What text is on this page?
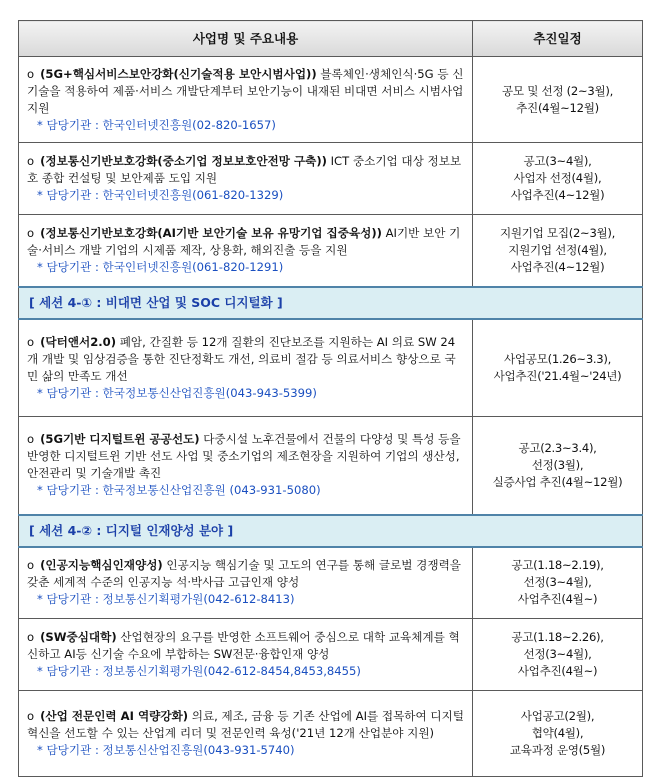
사업명 및 주요내용	추진일정
o (5G+핵심서비스보안강화(신기술적용 보안시범사업)) 블록체인·생체인식·5G 등 신기술을 적용하여 제품·서비스 개발단계부터 보안기능이 내재된 비대면 서비스 시범사업 지원
* 담당기관 : 한국인터넷진흥원(02-820-1657)	공모 및 선정 (2~3월),
추진(4월~12월)

o (정보통신기반보호강화(중소기업 정보보호안전망 구축)) ICT 중소기업 대상 정보보호 종합 컨설팅 및 보안제품 도입 지원
* 담당기관 : 한국인터넷진흥원(061-820-1329)	공고(3~4월),
사업자 선정(4월),
사업추진(4~12월)

o (정보통신기반보호강화(AI기반 보안기술 보유 유망기업 집중육성)) AI기반 보안 기술·서비스 개발 기업의 시제품 제작, 상용화, 해외진출 등을 지원
* 담당기관 : 한국인터넷진흥원(061-820-1291)	지원기업 모집(2~3월),
지원기업 선정(4월),
사업추진(4~12월)

[ 세션 4-① : 비대면 산업 및 SOC 디지털화 ]	
o (닥터앤서2.0) 폐암, 간질환 등 12개 질환의 진단보조를 지원하는 AI 의료 SW 24개 개발 및 임상검증을 통한 진단정확도 개선, 의료비 절감 등 의료서비스 향상으로 국민 삶의 만족도 개선
* 담당기관 : 한국정보통신산업진흥원(043-943-5399)	사업공모(1.26~3.3),
사업추진('21.4월~'24년)

o (5G기반 디지털트윈 공공선도) 다중시설 노후건물에서 건물의 다양성 및 특성 등을 반영한 디지털트윈 기반 선도 사업 및 중소기업의 제조현장을 지원하여 기업의 생산성, 안전관리 및 기술개발 촉진
* 담당기관 : 한국정보통신산업진흥원 (043-931-5080)	공고(2.3~3.4),
선정(3월),
실증사업 추진(4월~12월)

[ 세션 4-② : 디지털 인재양성 분야 ]	
o (인공지능핵심인재양성) 인공지능 핵심기술 및 고도의 연구를 통해 글로벌 경쟁력을 갖춘 세계적 수준의 인공지능 석·박사급 고급인재 양성
* 담당기관 : 정보통신기획평가원(042-612-8413)	공고(1.18~2.19),
선정(3~4월),
사업추진(4월~)

o (SW중심대학) 산업현장의 요구를 반영한 소프트웨어 중심으로 대학 교육체계를 혁신하고 AI등 신기술 수요에 부합하는 SW전문·융합인재 양성
* 담당기관 : 정보통신기획평가원(042-612-8454,8453,8455)	공고(1.18~2.26),
선정(3~4월),
사업추진(4월~)

o (산업 전문인력 AI 역량강화) 의료, 제조, 금융 등 기존 산업에 AI를 접목하여 디지털 혁신을 선도할 수 있는 산업계 리더 및 전문인력 육성('21년 12개 산업분야 지원)
* 담당기관 : 정보통신산업진흥원(043-931-5740)	사업공고(2월),
협약(4월),
교육과정 운영(5월)
